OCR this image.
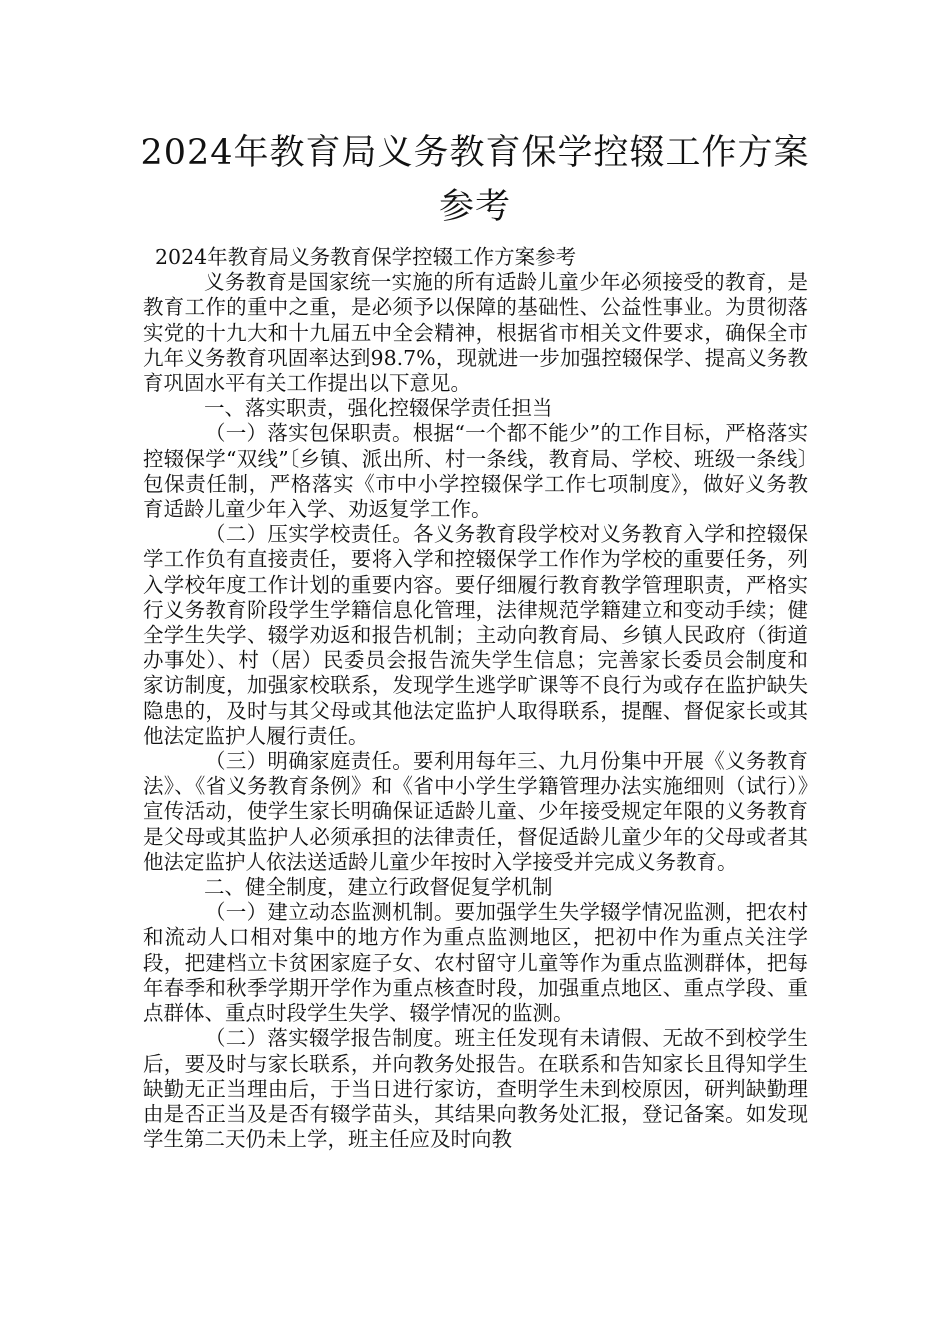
2024年教育局义务教育保学控辍工作方案参考

2024年教育局义务教育保学控辍工作方案参考

义务教育是国家统一实施的所有适龄儿童少年必须接受的教育，是教育工作的重中之重，是必须予以保障的基础性、公益性事业。为贯彻落实党的十九大和十九届五中全会精神，根据省市相关文件要求，确保全市九年义务教育巩固率达到98.7%，现就进一步加强控辍保学、提高义务教育巩固水平有关工作提出以下意见。

一、落实职责，强化控辍保学责任担当

（一）落实包保职责。根据“一个都不能少”的工作目标，严格落实控辍保学“双线”〔乡镇、派出所、村一条线，教育局、学校、班级一条线〕包保责任制，严格落实《市中小学控辍保学工作七项制度》，做好义务教育适龄儿童少年入学、劝返复学工作。

（二）压实学校责任。各义务教育段学校对义务教育入学和控辍保学工作负有直接责任，要将入学和控辍保学工作作为学校的重要任务，列入学校年度工作计划的重要内容。要仔细履行教育教学管理职责，严格实行义务教育阶段学生学籍信息化管理，法律规范学籍建立和变动手续；健全学生失学、辍学劝返和报告机制；主动向教育局、乡镇人民政府（街道办事处）、村（居）民委员会报告流失学生信息；完善家长委员会制度和家访制度，加强家校联系，发现学生逃学旷课等不良行为或存在监护缺失隐患的，及时与其父母或其他法定监护人取得联系，提醒、督促家长或其他法定监护人履行责任。

（三）明确家庭责任。要利用每年三、九月份集中开展《义务教育法》、《省义务教育条例》和《省中小学生学籍管理办法实施细则（试行）》宣传活动，使学生家长明确保证适龄儿童、少年接受规定年限的义务教育是父母或其监护人必须承担的法律责任，督促适龄儿童少年的父母或者其他法定监护人依法送适龄儿童少年按时入学接受并完成义务教育。

二、健全制度，建立行政督促复学机制

（一）建立动态监测机制。要加强学生失学辍学情况监测，把农村和流动人口相对集中的地方作为重点监测地区，把初中作为重点关注学段，把建档立卡贫困家庭子女、农村留守儿童等作为重点监测群体，把每年春季和秋季学期开学作为重点核查时段，加强重点地区、重点学段、重点群体、重点时段学生失学、辍学情况的监测。

（二）落实辍学报告制度。班主任发现有未请假、无故不到校学生后，要及时与家长联系，并向教务处报告。在联系和告知家长且得知学生缺勤无正当理由后，于当日进行家访，查明学生未到校原因，研判缺勤理由是否正当及是否有辍学苗头，其结果向教务处汇报，登记备案。如发现学生第二天仍未上学，班主任应及时向教
